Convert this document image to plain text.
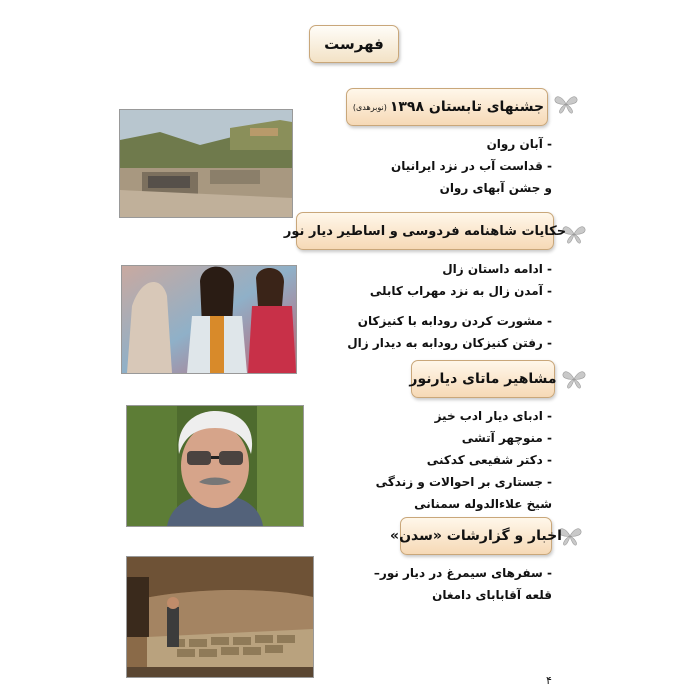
فهرست
جشنهای تابستان ۱۳۹۸
(نوبرهدی)
- آبان روان
- قداست آب در نزد ایرانیان
و جشن آبهای روان
حکایات شاهنامه فردوسی و اساطیر دیار نور
- ادامه داستان زال
- آمدن زال به نزد مهراب کابلی
- مشورت کردن رودابه با کنیزکان
- رفتن کنیزکان رودابه به دیدار زال
مشاهیر ماتای دیارنور
- ادبای دیار ادب خیز
- منوچهر آتشی
- دکتر شفیعی کدکنی
- جستاری بر احوالات و زندگی
شیخ علاءالدوله سمنانی
اخبار و گزارشات «سدن»
- سفرهای سیمرغ در دیار نور–
قلعه آقابابای دامغان
۴
